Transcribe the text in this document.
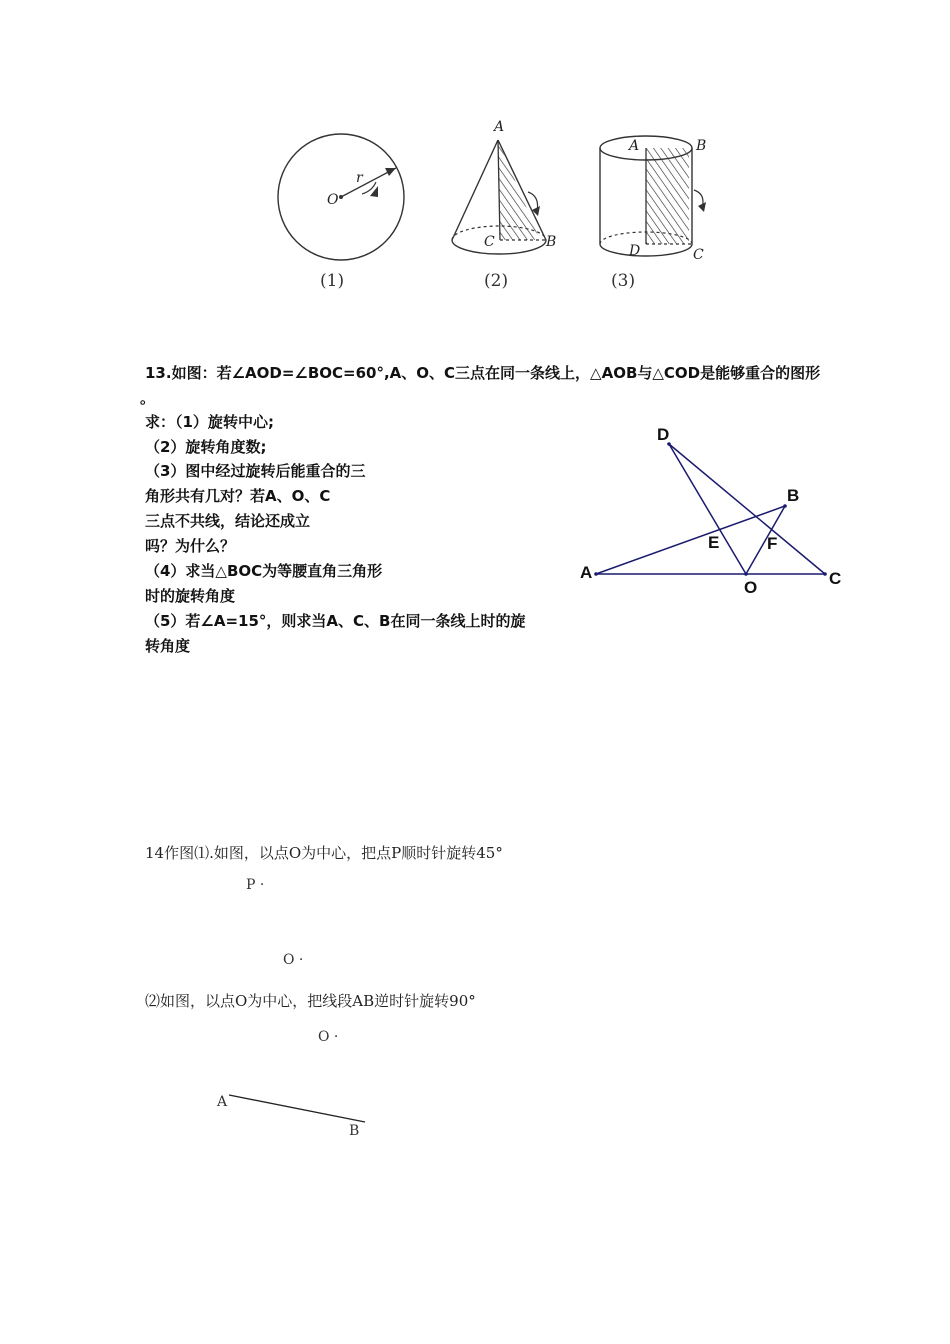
O
r
(1)
A
C	B
(2)
A	B
D	C
(3)
13.如图：若∠AOD=∠BOC=60°,A、O、C三点在同一条线上，△AOB与△COD是能够重合的图形
。
求：（1）旋转中心;
（2）旋转角度数;
（3）图中经过旋转后能重合的三
角形共有几对？若A、O、C
三点不共线，结论还成立
吗？为什么？
（4）求当△BOC为等腰直角三角形
时的旋转角度
（5）若∠A=15°，则求当A、C、B在同一条线上时的旋
转角度
D
B
E	F
A
O	C
14作图⑴.如图，以点O为中心，把点P顺时针旋转45°
P ·
O ·
⑵如图，以点O为中心，把线段AB逆时针旋转90°
O ·
A
B
